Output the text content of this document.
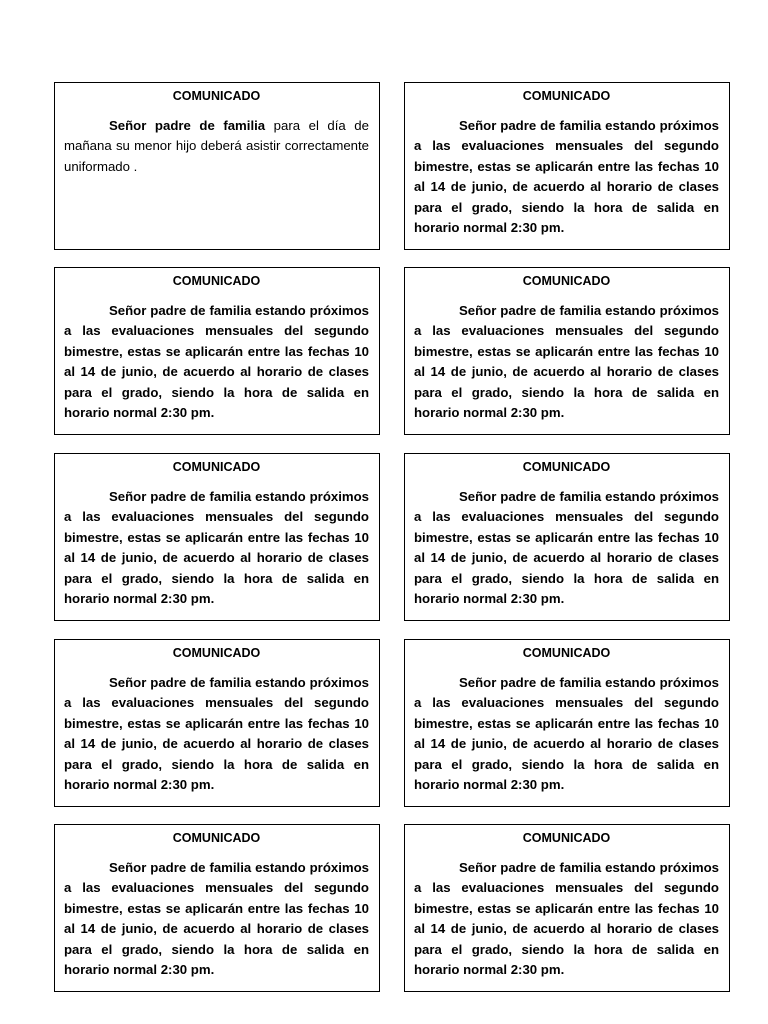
COMUNICADO

Señor padre de familia para el día de mañana su menor hijo deberá asistir correctamente uniformado .

COMUNICADO

Señor padre de familia estando próximos a las evaluaciones mensuales del segundo bimestre, estas se aplicarán entre las fechas 10 al 14 de junio, de acuerdo al horario de clases para el grado, siendo la hora de salida en horario normal 2:30 pm.

COMUNICADO

Señor padre de familia estando próximos a las evaluaciones mensuales del segundo bimestre, estas se aplicarán entre las fechas 10 al 14 de junio, de acuerdo al horario de clases para el grado, siendo la hora de salida en horario normal 2:30 pm.

COMUNICADO

Señor padre de familia estando próximos a las evaluaciones mensuales del segundo bimestre, estas se aplicarán entre las fechas 10 al 14 de junio, de acuerdo al horario de clases para el grado, siendo la hora de salida en horario normal 2:30 pm.

COMUNICADO

Señor padre de familia estando próximos a las evaluaciones mensuales del segundo bimestre, estas se aplicarán entre las fechas 10 al 14 de junio, de acuerdo al horario de clases para el grado, siendo la hora de salida en horario normal 2:30 pm.

COMUNICADO

Señor padre de familia estando próximos a las evaluaciones mensuales del segundo bimestre, estas se aplicarán entre las fechas 10 al 14 de junio, de acuerdo al horario de clases para el grado, siendo la hora de salida en horario normal 2:30 pm.

COMUNICADO

Señor padre de familia estando próximos a las evaluaciones mensuales del segundo bimestre, estas se aplicarán entre las fechas 10 al 14 de junio, de acuerdo al horario de clases para el grado, siendo la hora de salida en horario normal 2:30 pm.

COMUNICADO

Señor padre de familia estando próximos a las evaluaciones mensuales del segundo bimestre, estas se aplicarán entre las fechas 10 al 14 de junio, de acuerdo al horario de clases para el grado, siendo la hora de salida en horario normal 2:30 pm.

COMUNICADO

Señor padre de familia estando próximos a las evaluaciones mensuales del segundo bimestre, estas se aplicarán entre las fechas 10 al 14 de junio, de acuerdo al horario de clases para el grado, siendo la hora de salida en horario normal 2:30 pm.

COMUNICADO

Señor padre de familia estando próximos a las evaluaciones mensuales del segundo bimestre, estas se aplicarán entre las fechas 10 al 14 de junio, de acuerdo al horario de clases para el grado, siendo la hora de salida en horario normal 2:30 pm.
